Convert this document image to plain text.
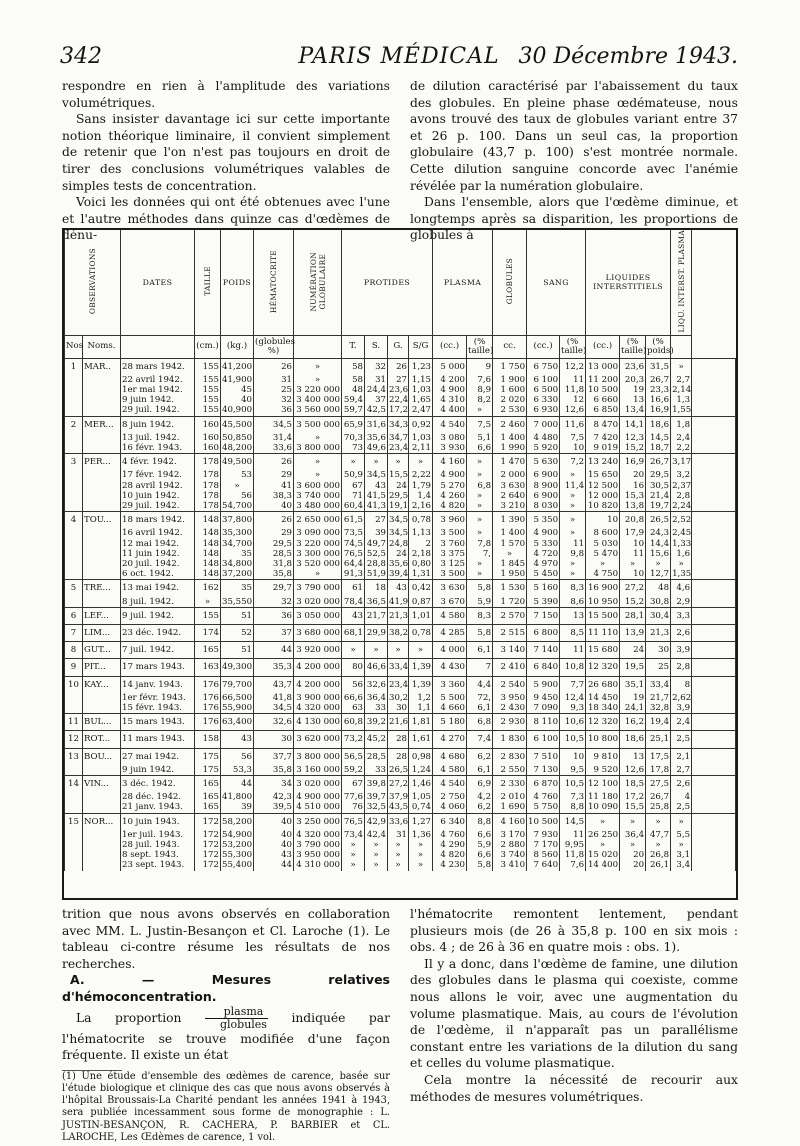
342	PARIS MÉDICAL 30 Décembre 1943.

respondre en rien à l'amplitude des variations volumétriques.

Sans insister davantage ici sur cette importante notion théorique liminaire, il convient simplement de retenir que l'on n'est pas toujours en droit de tirer des conclusions volumétriques valables de simples tests de concentration.

Voici les données qui ont été obtenues avec l'une et l'autre méthodes dans quinze cas d'œdèmes de dénu-

de dilution caractérisé par l'abaissement du taux des globules. En pleine phase œdémateuse, nous avons trouvé des taux de globules variant entre 37 et 26 p. 100. Dans un seul cas, la proportion globulaire (43,7 p. 100) s'est montrée normale. Cette dilution sanguine concorde avec l'anémie révélée par la numération globulaire.

Dans l'ensemble, alors que l'œdème diminue, et longtemps après sa disparition, les proportions de globules à

OBSERVATIONS		DATES	TAILLE	POIDS	HÉMATOCRITE	NUMÉRATION GLOBULAIRE	PROTIDES				PLASMA		GLOBULES	SANG		LIQUIDES INTERSTITIELS			LIQU. INTERST. PLASMA	
Nos	Noms.		(cm.)	(kg.)	(globules %)		T.	S.	G.	S/G	(cc.)	(% taille)	cc.	(cc.)	(% taille)	(cc.)	(% taille)	(% poids)		
1	MAR..	28 mars 1942.	155	41,200	26	»	58	32	26	1,23	5 000	9	1 750	6 750	12,2	13 000	23,6	31,5	»	
		22 avril 1942.	155	41,900	31	»	58	31	27	1,15	4 200	7,6	1 900	6 100	11	11 200	20,3	26,7	2,7	
		1er mai 1942.	155	45	25	3 220 000	48	24,4	23,6	1,03	4 900	8,9	1 600	6 500	11,8	10 500	19	23,3	2,14	
		9 juin 1942.	155	40	32	3 400 000	59,4	37	22,4	1,65	4 310	8,2	2 020	6 330	12	6 660	13	16,6	1,3	
		29 juil. 1942.	155	40,900	36	3 560 000	59,7	42,5	17,2	2,47	4 400	»	2 530	6 930	12,6	6 850	13,4	16,9	1,55	
2	MER...	8 juin 1942.	160	45,500	34,5	3 500 000	65,9	31,6	34,3	0,92	4 540	7,5	2 460	7 000	11,6	8 470	14,1	18,6	1,8	
		13 juil. 1942.	160	50,850	31,4	»	70,3	35,6	34,7	1,03	3 080	5,1	1 400	4 480	7,5	7 420	12,3	14,5	2,4	
		16 févr. 1943.	160	48,200	33,6	3 800 000	73	49,6	23,4	2,11	3 930	6,6	1 990	5 920	10	9 019	15,2	18,7	2,2	
3	PER...	4 févr. 1942.	178	49,500	26	»	»	»	»	»	4 160	»	1 470	5 630	7,2	13 240	16,9	26,7	3,17	
		17 févr. 1942.	178	53	29	»	50,9	34,5	15,5	2,22	4 900	»	2 000	6 900	»	15 650	20	29,5	3,2	
		28 avril 1942.	178	»	41	3 600 000	67	43	24	1,79	5 270	6,8	3 630	8 900	11,4	12 500	16	30,5	2,37	
		10 juin 1942.	178	56	38,3	3 740 000	71	41,5	29,5	1,4	4 260	»	2 640	6 900	»	12 000	15,3	21,4	2,8	
		29 juil. 1942.	178	54,700	40	3 480 000	60,4	41,3	19,1	2,16	4 820	»	3 210	8 030	»	10 820	13,8	19,7	2,24	
4	TOU...	18 mars 1942.	148	37,800	26	2 650 000	61,5	27	34,5	0,78	3 960	»	1 390	5 350	»	10	20,8	26,5	2,52	
		16 avril 1942.	148	35,300	29	3 090 000	73,5	39	34,5	1,13	3 500	»	1 400	4 900	»	8 600	17,9	24,3	2,45	
		12 mai 1942.	148	34,700	29,5	3 220 000	74,5	49,7	24,8	2	3 760	7,8	1 570	5 330	11	5 030	10	14,4	1,33	
		11 juin 1942.	148	35	28,5	3 300 000	76,5	52,5	24	2,18	3 375	7,	»	4 720	9,8	5 470	11	15,6	1,6	
		20 juil. 1942.	148	34,800	31,8	3 520 000	64,4	28,8	35,6	0,80	3 125	»	1 845	4 970	»	»	»	»	»	
		6 oct. 1942.	148	37,200	35,8	»	91,3	51,9	39,4	1,31	3 500	»	1 950	5 450	»	4 750	10	12,7	1,35	
5	TRE...	13 mai 1942.	162	35	29,7	3 790 000	61	18	43	0,42	3 630	5,8	1 530	5 160	8,3	16 900	27,2	48	4,6	
		8 juil. 1942.	»	35,550	32	3 020 000	78,4	36,5	41,9	0,87	3 670	5,9	1 720	5 390	8,6	10 950	15,2	30,8	2,9	
6	LEF...	9 juil. 1942.	155	51	36	3 050 000	43	21,7	21,3	1,01	4 580	8,3	2 570	7 150	13	15 500	28,1	30,4	3,3	
7	LIM...	23 déc. 1942.	174	52	37	3 680 000	68,1	29,9	38,2	0,78	4 285	5,8	2 515	6 800	8,5	11 110	13,9	21,3	2,6	
8	GUT...	7 juil. 1942.	165	51	44	3 920 000	»	»	»	»	4 000	6,1	3 140	7 140	11	15 680	24	30	3,9	
9	PIT...	17 mars 1943.	163	49,300	35,3	4 200 000	80	46,6	33,4	1,39	4 430	7	2 410	6 840	10,8	12 320	19,5	25	2,8	
10	KAY...	14 janv. 1943.	176	79,700	43,7	4 200 000	56	32,6	23,4	1,39	3 360	4,4	2 540	5 900	7,7	26 680	35,1	33,4	8	
		1er févr. 1943.	176	66,500	41,8	3 900 000	66,6	36,4	30,2	1,2	5 500	72,	3 950	9 450	12,4	14 450	19	21,7	2,62	
		15 févr. 1943.	176	55,900	34,5	4 320 000	63	33	30	1,1	4 660	6,1	2 430	7 090	9,3	18 340	24,1	32,8	3,9	
11	BUL...	15 mars 1943.	176	63,400	32,6	4 130 000	60,8	39,2	21,6	1,81	5 180	6,8	2 930	8 110	10,6	12 320	16,2	19,4	2,4	
12	ROT...	11 mars 1943.	158	43	30	3 620 000	73,2	45,2	28	1,61	4 270	7,4	1 830	6 100	10,5	10 800	18,6	25,1	2,5	
13	BOU...	27 mai 1942.	175	56	37,7	3 800 000	56,5	28,5	28	0,98	4 680	6,2	2 830	7 510	10	9 810	13	17,5	2,1	
		9 juin 1942.	175	53,3	35,8	3 160 000	59,2	33	26,5	1,24	4 580	6,1	2 550	7 130	9,5	9 520	12,6	17,8	2,7	
14	VIN...	3 déc. 1942.	165	44	34	3 020 000	67	39,8	27,2	1,46	4 540	6,9	2 330	6 870	10,5	12 100	18,5	27,5	2,6	
		28 déc. 1942.	165	41,800	42,3	4 900 000	77,6	39,7	37,9	1,05	2 750	4,2	2 010	4 760	7,3	11 180	17,2	26,7	4	
		21 janv. 1943.	165	39	39,5	4 510 000	76	32,5	43,5	0,74	4 060	6,2	1 690	5 750	8,8	10 090	15,5	25,8	2,5	
15	NOR...	10 juin 1943.	172	58,200	40	3 250 000	76,5	42,9	33,6	1,27	6 340	8,8	4 160	10 500	14,5	»	»	»	»	
		1er juil. 1943.	172	54,900	40	4 320 000	73,4	42,4	31	1,36	4 760	6,6	3 170	7 930	11	26 250	36,4	47,7	5,5	
		28 juil. 1943.	172	53,200	40	3 790 000	»	»	»	»	4 290	5,9	2 880	7 170	9,95	»	»	»	»	
		8 sept. 1943.	172	55,300	43	3 950 000	»	»	»	»	4 820	6,6	3 740	8 560	11,8	15 020	20	26,8	3,1	
		23 sept. 1943.	172	55,400	44	4 310 000	»	»	»	»	4 230	5,8	3 410	7 640	7,6	14 400	20	26,1	3,4	

trition que nous avons observés en collaboration avec MM. L. Justin-Besançon et Cl. Laroche (1). Le tableau ci-contre résume les résultats de nos recherches.

A. — Mesures relatives d'hémoconcentration.

La proportion $\frac{\text{plasma}}{\text{globules}}$ indiquée par l'hématocrite se trouve modifiée d'une façon fréquente. Il existe un état

(1) Une étude d'ensemble des œdèmes de carence, basée sur l'étude biologique et clinique des cas que nous avons observés à l'hôpital Broussais-La Charité pendant les années 1941 à 1943, sera publiée incessamment sous forme de monographie : L. JUSTIN-BESANÇON, R. CACHERA, P. BARBIER et CL. LAROCHE, Les Œdèmes de carence, 1 vol.

l'hématocrite remontent lentement, pendant plusieurs mois (de 26 à 35,8 p. 100 en six mois : obs. 4 ; de 26 à 36 en quatre mois : obs. 1).

Il y a donc, dans l'œdème de famine, une dilution des globules dans le plasma qui coexiste, comme nous allons le voir, avec une augmentation du volume plasmatique. Mais, au cours de l'évolution de l'œdème, il n'apparaît pas un parallélisme constant entre les variations de la dilution du sang et celles du volume plasmatique.

Cela montre la nécessité de recourir aux méthodes de mesures volumétriques.
